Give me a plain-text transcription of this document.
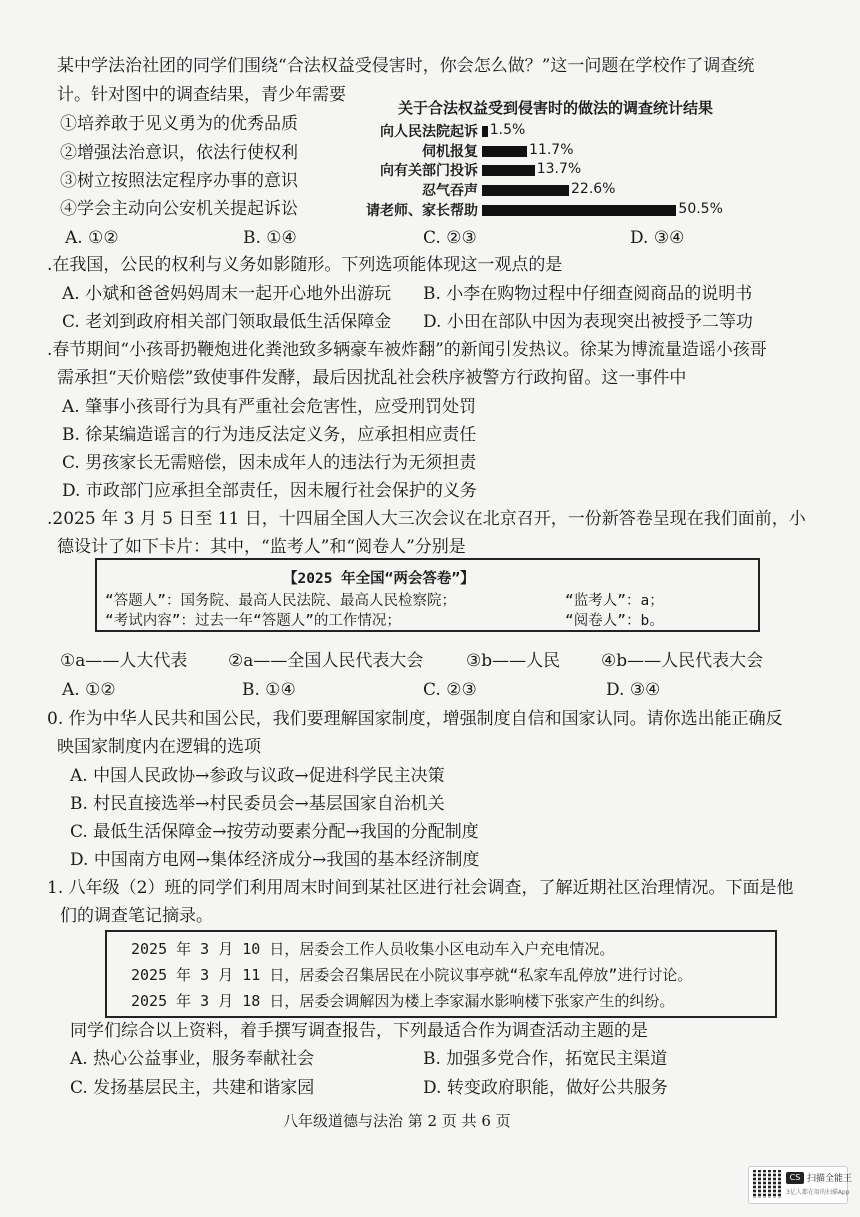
某中学法治社团的同学们围绕“合法权益受侵害时，你会怎么做？”这一问题在学校作了调查统
计。针对图中的调查结果，青少年需要
①培养敢于见义勇为的优秀品质
②增强法治意识，依法行使权利
③树立按照法定程序办事的意识
④学会主动向公安机关提起诉讼
A. ①②	B. ①④	C. ②③	D. ③④
关于合法权益受到侵害时的做法的调查统计结果
向人民法院起诉 1.5%
伺机报复	11.7%
向有关部门投诉	13.7%
忍气吞声	22.6%
请老师、家长帮助	50.5%
.在我国，公民的权利与义务如影随形。下列选项能体现这一观点的是
A. 小斌和爸爸妈妈周末一起开心地外出游玩 B. 小李在购物过程中仔细查阅商品的说明书
C. 老刘到政府相关部门领取最低生活保障金 D. 小田在部队中因为表现突出被授予二等功
.春节期间“小孩哥扔鞭炮进化粪池致多辆豪车被炸翻”的新闻引发热议。徐某为博流量造谣小孩哥
需承担“天价赔偿”致使事件发酵，最后因扰乱社会秩序被警方行政拘留。这一事件中
A. 肇事小孩哥行为具有严重社会危害性，应受刑罚处罚
B. 徐某编造谣言的行为违反法定义务，应承担相应责任
C. 男孩家长无需赔偿，因未成年人的违法行为无须担责
D. 市政部门应承担全部责任，因未履行社会保护的义务
.2025 年 3 月 5 日至 11 日，十四届全国人大三次会议在北京召开，一份新答卷呈现在我们面前，小
德设计了如下卡片：其中，“监考人”和“阅卷人”分别是
【2025 年全国“两会答卷”】
“答题人”：国务院、最高人民法院、最高人民检察院；	“监考人”：a；
“考试内容”：过去一年“答题人”的工作情况；	“阅卷人”：b。
①a——人大代表 ②a——全国人民代表大会	③b——人民 ④b——人民代表大会
A. ①②	B. ①④	C. ②③	D. ③④
0. 作为中华人民共和国公民，我们要理解国家制度，增强制度自信和国家认同。请你选出能正确反
映国家制度内在逻辑的选项
A. 中国人民政协→参政与议政→促进科学民主决策
B. 村民直接选举→村民委员会→基层国家自治机关
C. 最低生活保障金→按劳动要素分配→我国的分配制度
D. 中国南方电网→集体经济成分→我国的基本经济制度
1. 八年级（2）班的同学们利用周末时间到某社区进行社会调查，了解近期社区治理情况。下面是他
们的调查笔记摘录。
2025 年 3 月 10 日，居委会工作人员收集小区电动车入户充电情况。
2025 年 3 月 11 日，居委会召集居民在小院议事亭就“私家车乱停放”进行讨论。
2025 年 3 月 18 日，居委会调解因为楼上李家漏水影响楼下张家产生的纠纷。
同学们综合以上资料，着手撰写调查报告，下列最适合作为调查活动主题的是
A. 热心公益事业，服务奉献社会	B. 加强多党合作，拓宽民主渠道
C. 发扬基层民主，共建和谐家园	D. 转变政府职能，做好公共服务
八年级道德与法治 第 2 页 共 6 页
CS 扫描全能王
3亿人都在用的扫描App
